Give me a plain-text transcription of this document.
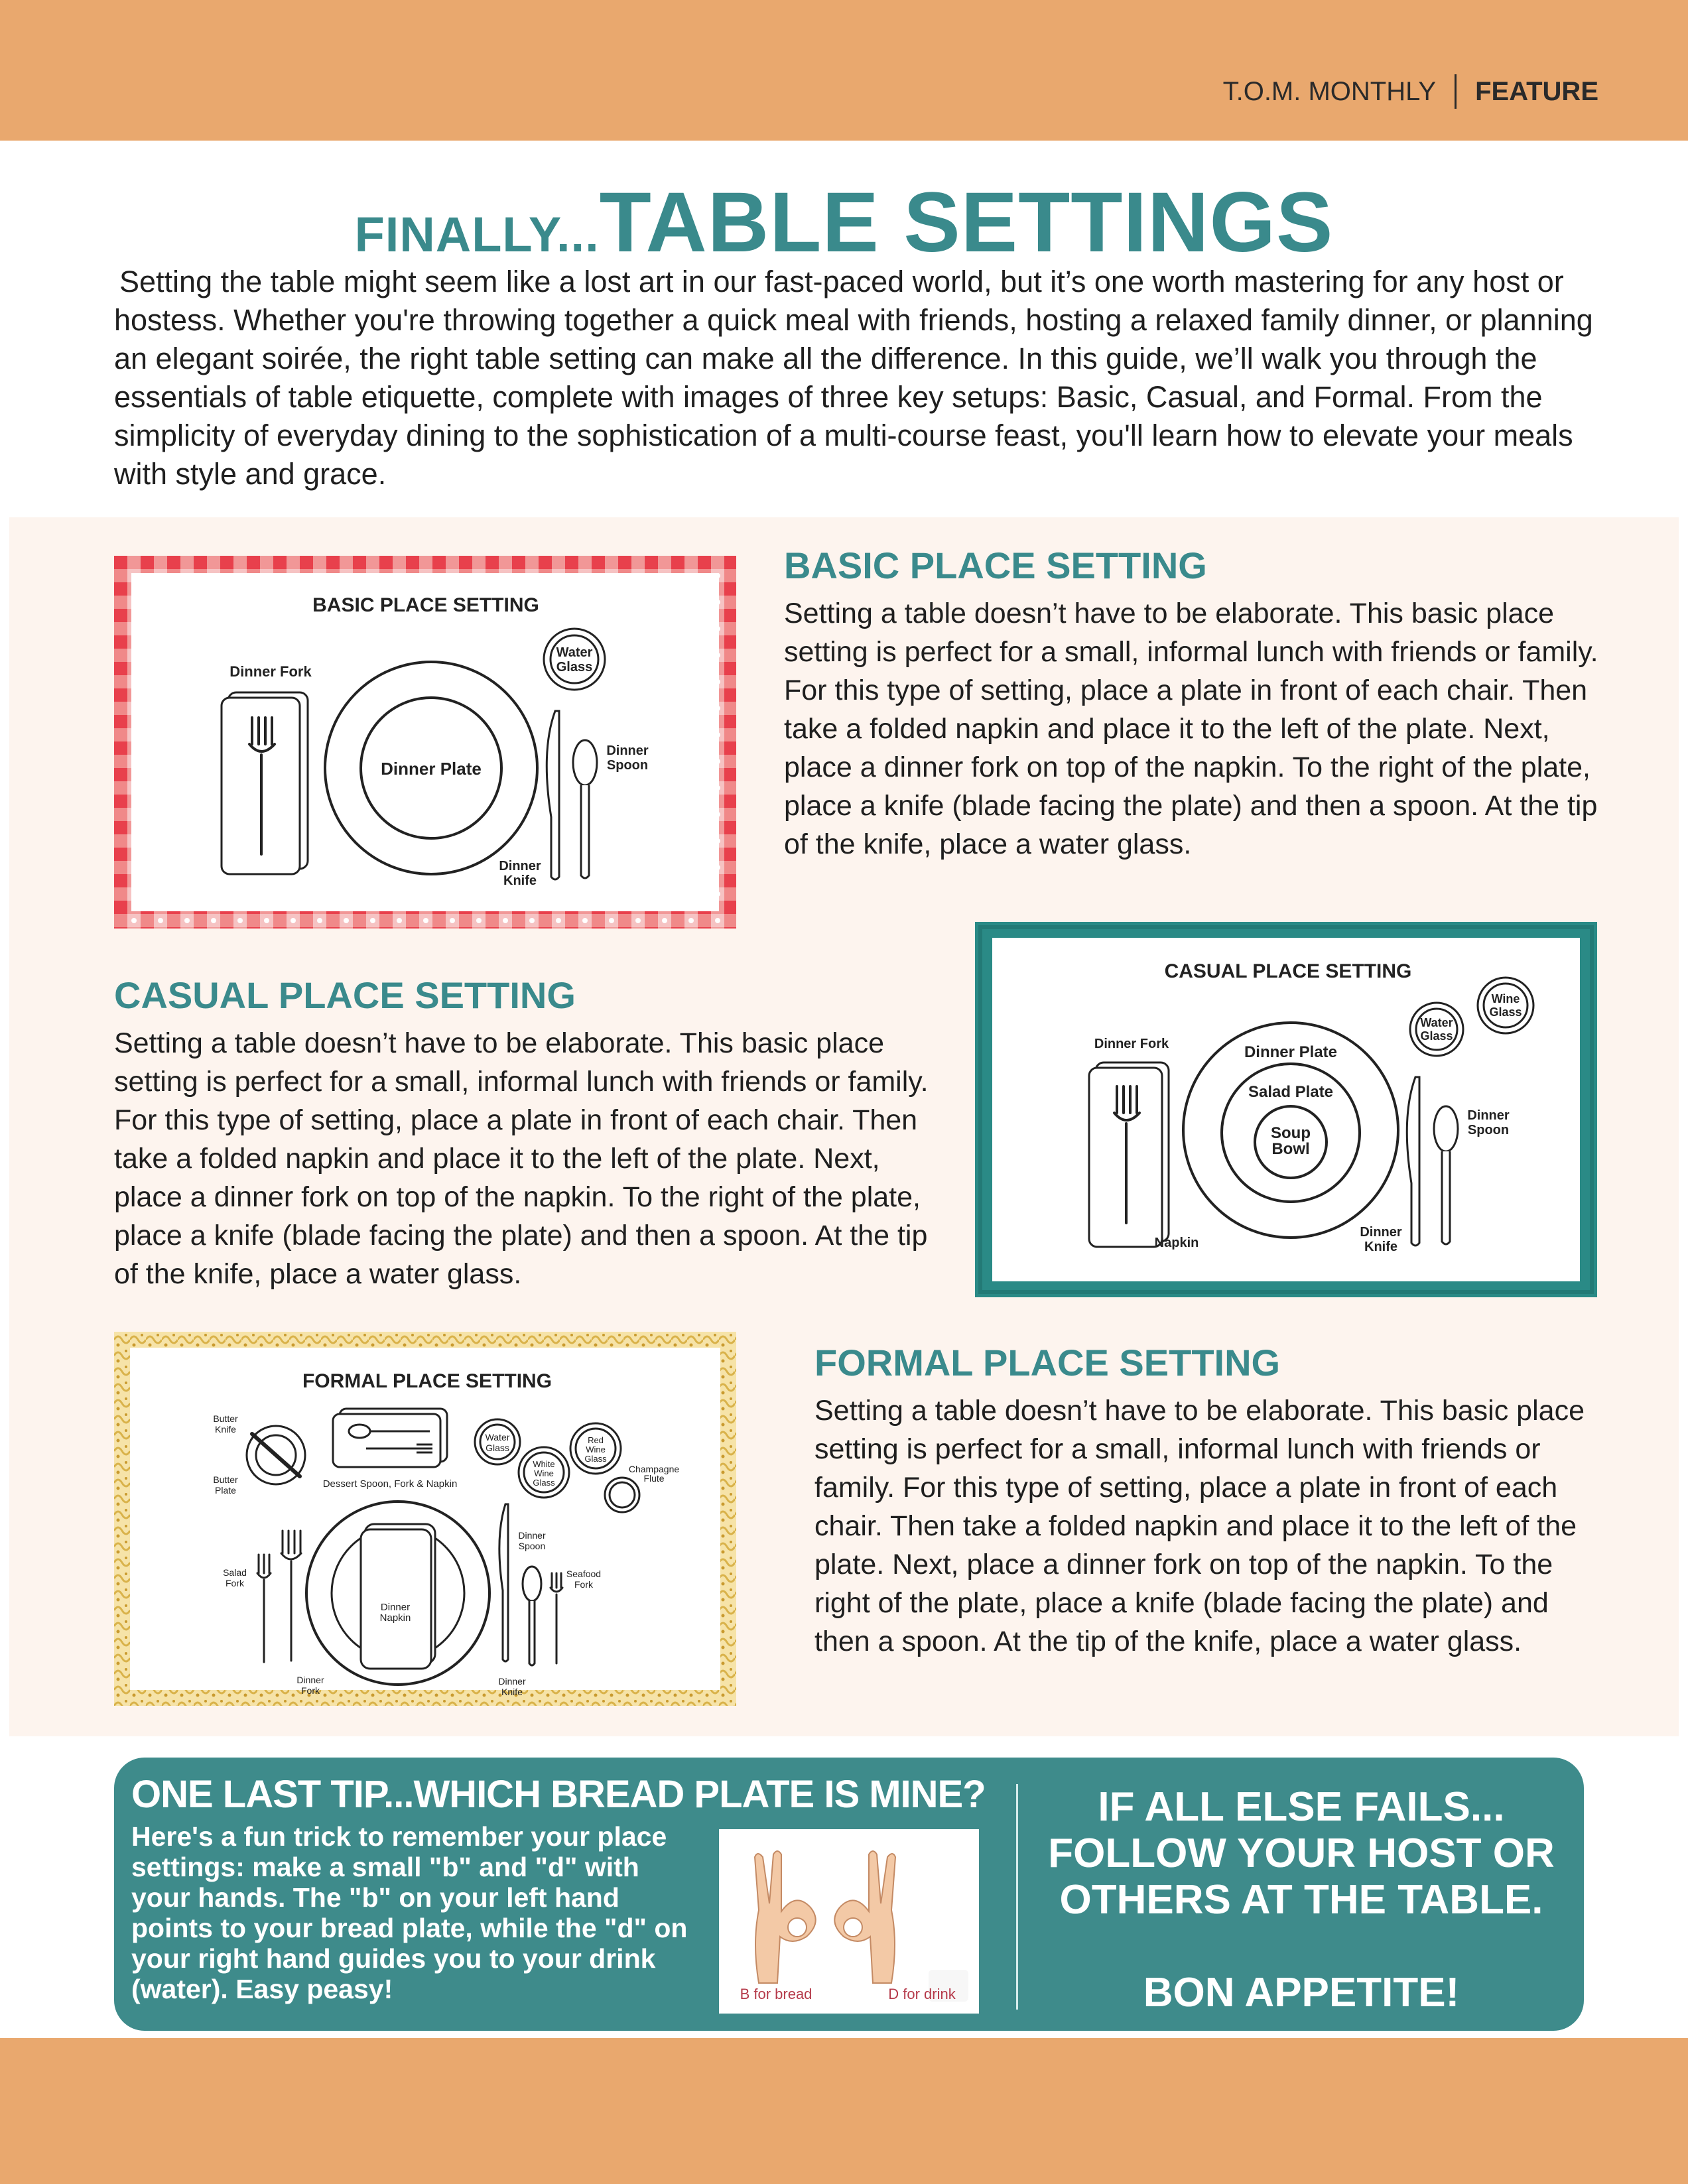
T.O.M. MONTHLY FEATURE
FINALLY...TABLE SETTINGS

Setting the table might seem like a lost art in our fast-paced world, but it’s one worth mastering for any host or hostess. Whether you're throwing together a quick meal with friends, hosting a relaxed family dinner, or planning an elegant soirée, the right table setting can make all the difference. In this guide, we’ll walk you through the essentials of table etiquette, complete with images of three key setups: Basic, Casual, and Formal. From the simplicity of everyday dining to the sophistication of a multi-course feast, you'll learn how to elevate your meals with style and grace.

BASIC PLACE SETTING
Dinner Fork
Dinner Plate
Water
Glass
Dinner
Spoon
Dinner
Knife
BASIC PLACE SETTING

Setting a table doesn’t have to be elaborate. This basic place setting is perfect for a small, informal lunch with friends or family. For this type of setting, place a plate in front of each chair. Then take a folded napkin and place it to the left of the plate. Next, place a dinner fork on top of the napkin. To the right of the plate, place a knife (blade facing the plate) and then a spoon. At the tip of the knife, place a water glass.

CASUAL PLACE SETTING

Setting a table doesn’t have to be elaborate. This basic place setting is perfect for a small, informal lunch with friends or family. For this type of setting, place a plate in front of each chair. Then take a folded napkin and place it to the left of the plate. Next, place a dinner fork on top of the napkin. To the right of the plate, place a knife (blade facing the plate) and then a spoon. At the tip of the knife, place a water glass.

CASUAL PLACE SETTING
Dinner Fork
Napkin
Dinner Plate
Salad Plate
Soup
Bowl
Water
Glass
Wine
Glass
Dinner
Spoon
Dinner
Knife
FORMAL PLACE SETTING
Butter
Knife
Butter
Plate
Dessert Spoon, Fork & Napkin
Water
Glass
White
Wine
Glass
Red
Wine
Glass
Champagne
Flute
Dinner
Napkin
Salad
Fork
Dinner
Fork
Dinner
Knife
Dinner
Spoon
Seafood
Fork
FORMAL PLACE SETTING

Setting a table doesn’t have to be elaborate. This basic place setting is perfect for a small, informal lunch with friends or family. For this type of setting, place a plate in front of each chair. Then take a folded napkin and place it to the left of the plate. Next, place a dinner fork on top of the napkin. To the right of the plate, place a knife (blade facing the plate) and then a spoon. At the tip of the knife, place a water glass.

ONE LAST TIP...WHICH BREAD PLATE IS MINE?

Here's a fun trick to remember your place settings: make a small "b" and "d" with your hands. The "b" on your left hand points to your bread plate, while the "d" on your right hand guides you to your drink (water). Easy peasy!	B for bread	D for drink
IF ALL ELSE FAILS...
FOLLOW YOUR HOST OR
OTHERS AT THE TABLE.
BON APPETITE!
